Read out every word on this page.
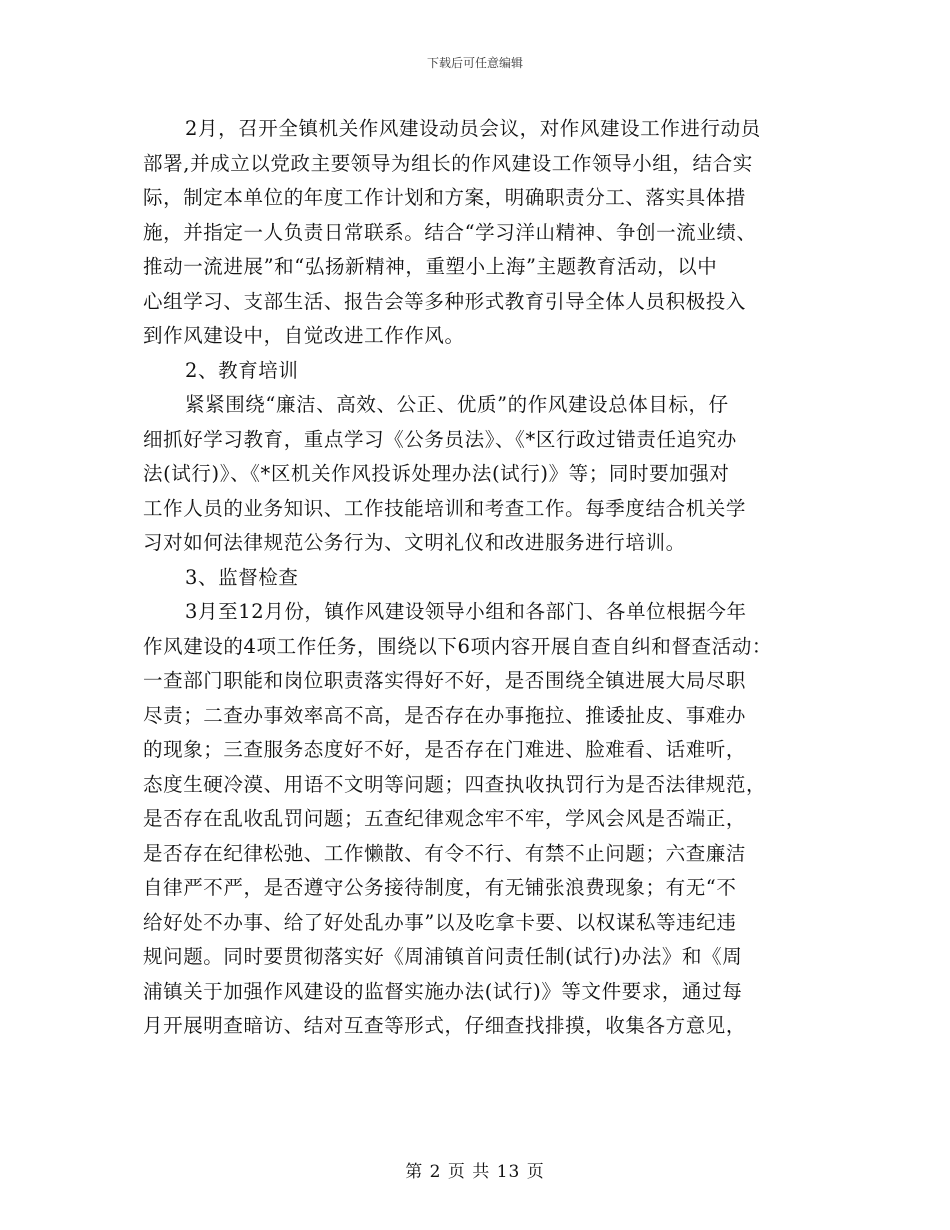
下载后可任意编辑
2月，召开全镇机关作风建设动员会议，对作风建设工作进行动员
部署,并成立以党政主要领导为组长的作风建设工作领导小组，结合实
际，制定本单位的年度工作计划和方案，明确职责分工、落实具体措
施，并指定一人负责日常联系。结合“学习洋山精神、争创一流业绩、
推动一流进展”和“弘扬新精神，重塑小上海”主题教育活动，以中
心组学习、支部生活、报告会等多种形式教育引导全体人员积极投入
到作风建设中，自觉改进工作作风。
2、教育培训
紧紧围绕“廉洁、高效、公正、优质”的作风建设总体目标，仔
细抓好学习教育，重点学习《公务员法》、《*区行政过错责任追究办
法(试行)》、《*区机关作风投诉处理办法(试行)》等；同时要加强对
工作人员的业务知识、工作技能培训和考查工作。每季度结合机关学
习对如何法律规范公务行为、文明礼仪和改进服务进行培训。
3、监督检查
3月至12月份，镇作风建设领导小组和各部门、各单位根据今年
作风建设的4项工作任务，围绕以下6项内容开展自查自纠和督查活动：
一查部门职能和岗位职责落实得好不好，是否围绕全镇进展大局尽职
尽责；二查办事效率高不高，是否存在办事拖拉、推诿扯皮、事难办
的现象；三查服务态度好不好，是否存在门难进、脸难看、话难听，
态度生硬冷漠、用语不文明等问题；四查执收执罚行为是否法律规范，
是否存在乱收乱罚问题；五查纪律观念牢不牢，学风会风是否端正，
是否存在纪律松弛、工作懒散、有令不行、有禁不止问题；六查廉洁
自律严不严，是否遵守公务接待制度，有无铺张浪费现象；有无“不
给好处不办事、给了好处乱办事”以及吃拿卡要、以权谋私等违纪违
规问题。同时要贯彻落实好《周浦镇首问责任制(试行)办法》和《周
浦镇关于加强作风建设的监督实施办法(试行)》等文件要求，通过每
月开展明查暗访、结对互查等形式，仔细查找排摸，收集各方意见，
第 2 页 共 13 页
